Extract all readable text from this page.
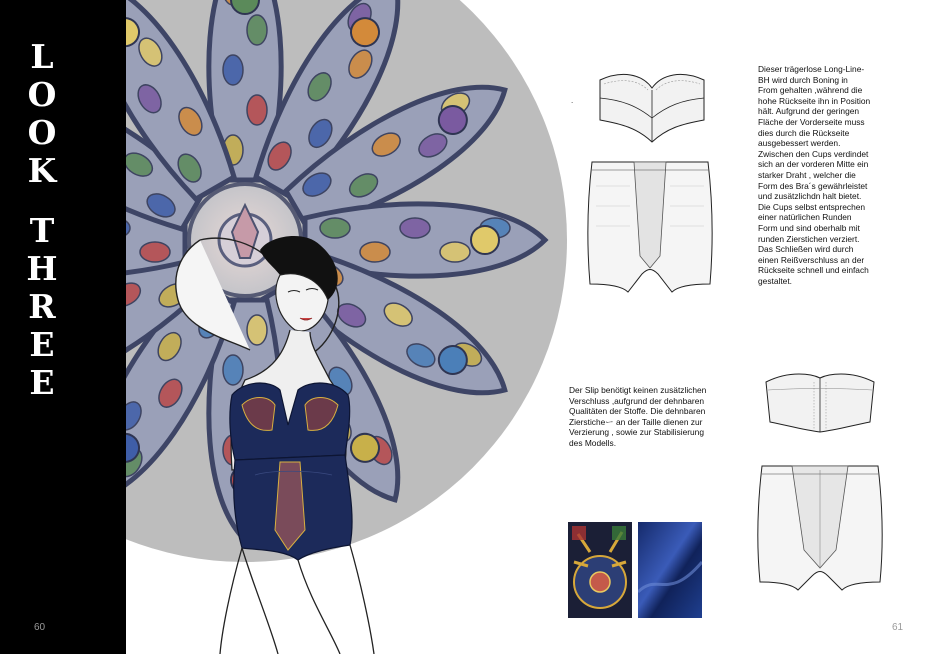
L
O
O
K
T
H
R
E
E
60	61
.
Dieser trägerlose Long-Line-
BH wird durch Boning in
From gehalten ,während die
hohe Rückseite ihn in Position
hält. Aufgrund der geringen
Fläche der Vorderseite muss
dies durch die Rückseite
ausgebessert werden.
Zwischen den Cups verdindet
sich an der vorderen Mitte ein
starker Draht , welcher die
Form des Bra´s gewährleistet
und zusätzlichdn halt bietet.
Die Cups selbst entsprechen
einer natürlichen Runden
Form und sind oberhalb mit
runden Zierstichen verziert.
Das Schließen wird durch
einen Reißverschluss an der
Rückseite schnell und einfach
gestaltet.
Der Slip benötigt keinen zusätzlichen
Verschluss ,aufgrund der dehnbaren
Qualitäten der Stoffe. Die dehnbaren
Ziersticheー an der Taille dienen zur
Verzierung , sowie zur Stabilisierung
des Modells.
